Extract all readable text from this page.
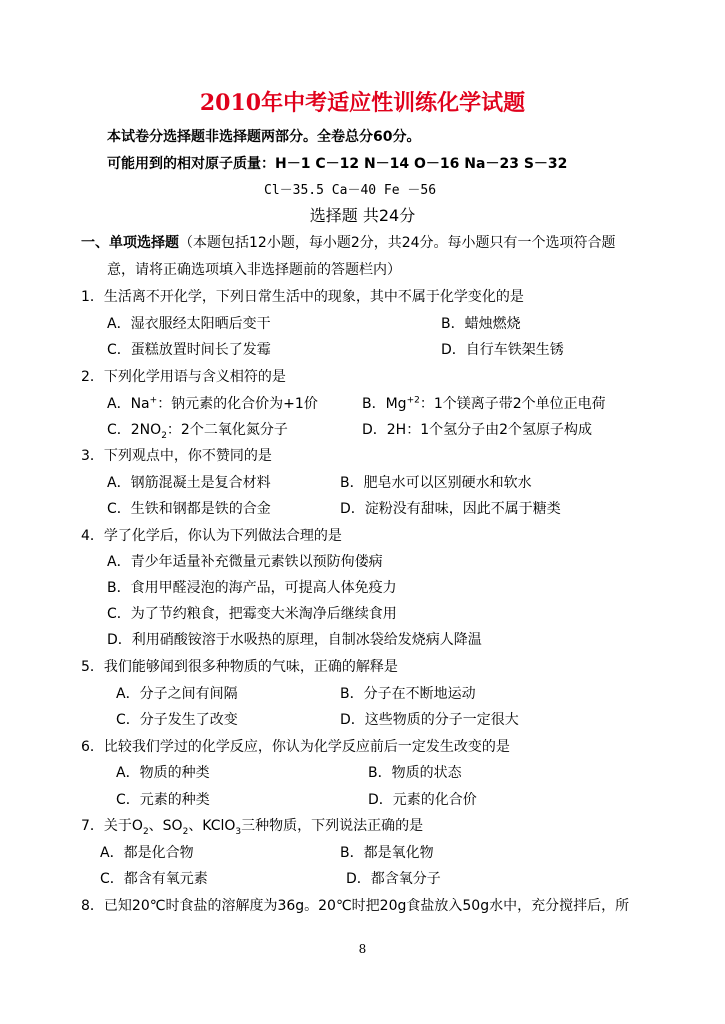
2010年中考适应性训练化学试题
本试卷分选择题非选择题两部分。全卷总分60分。
可能用到的相对原子质量：H－1 C－12 N－14 O－16 Na－23 S－32
Cl－35.5 Ca－40 Fe －56
选择题 共24分
一、单项选择题（本题包括12小题，每小题2分，共24分。每小题只有一个选项符合题
意，请将正确选项填入非选择题前的答题栏内）
1．生活离不开化学，下列日常生活中的现象，其中不属于化学变化的是
A．湿衣服经太阳晒后变干	B．蜡烛燃烧
C．蛋糕放置时间长了发霉	D．自行车铁架生锈
2．下列化学用语与含义相符的是
A．Na+：钠元素的化合价为+1价	B．$Mg^{+2}$：1个镁离子带2个单位正电荷
C．$2NO_2$：2个二氧化氮分子	D．2H：1个氢分子由2个氢原子构成
3．下列观点中，你不赞同的是
A．钢筋混凝土是复合材料	B．肥皂水可以区别硬水和软水
C．生铁和钢都是铁的合金	D．淀粉没有甜味，因此不属于糖类
4．学了化学后，你认为下列做法合理的是
A．青少年适量补充微量元素铁以预防佝偻病
B．食用甲醛浸泡的海产品，可提高人体免疫力
C．为了节约粮食，把霉变大米淘净后继续食用
D．利用硝酸铵溶于水吸热的原理，自制冰袋给发烧病人降温
5．我们能够闻到很多种物质的气味，正确的解释是
A．分子之间有间隔	B．分子在不断地运动
C．分子发生了改变	D．这些物质的分子一定很大
6．比较我们学过的化学反应，你认为化学反应前后一定发生改变的是
A．物质的种类	B．物质的状态
C．元素的种类	D．元素的化合价
7．关于$O_2$、$SO_2$、KClO$_3$三种物质，下列说法正确的是
A．都是化合物	B．都是氧化物
C．都含有氧元素	D．都含氧分子
8．已知20℃时食盐的溶解度为36g。20℃时把20g食盐放入50g水中，充分搅拌后，所
8
